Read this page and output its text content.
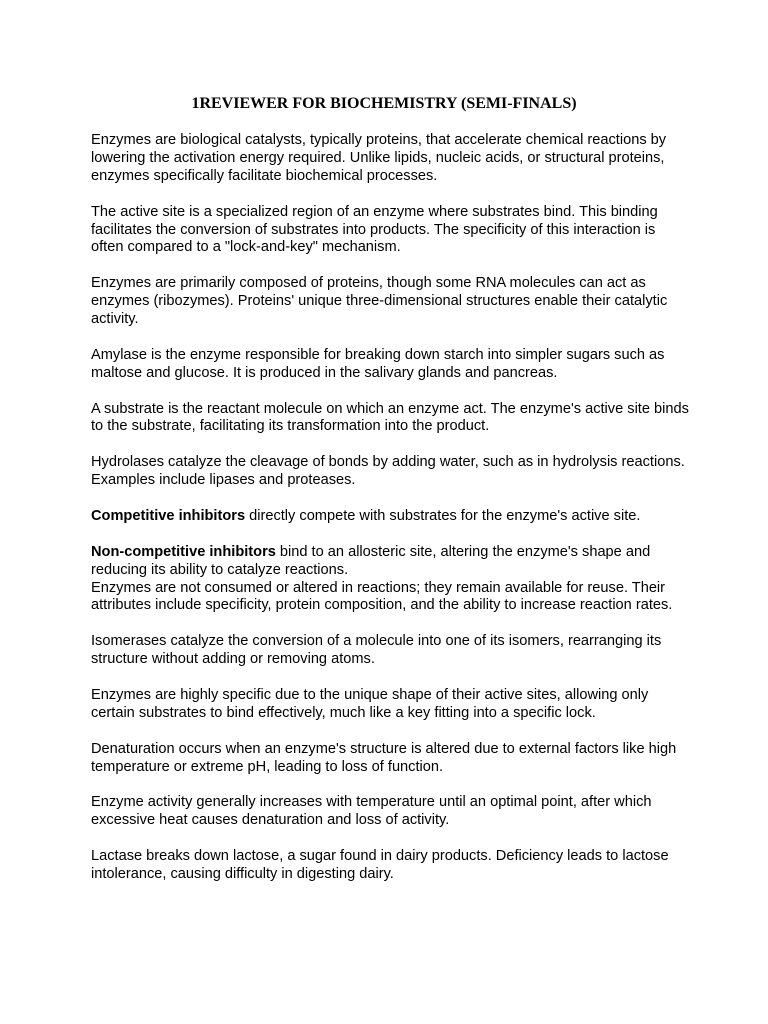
1REVIEWER FOR BIOCHEMISTRY (SEMI-FINALS)

Enzymes are biological catalysts, typically proteins, that accelerate chemical reactions by lowering the activation energy required. Unlike lipids, nucleic acids, or structural proteins, enzymes specifically facilitate biochemical processes.

The active site is a specialized region of an enzyme where substrates bind. This binding facilitates the conversion of substrates into products. The specificity of this interaction is often compared to a "lock-and-key" mechanism.

Enzymes are primarily composed of proteins, though some RNA molecules can act as enzymes (ribozymes). Proteins' unique three-dimensional structures enable their catalytic activity.

Amylase is the enzyme responsible for breaking down starch into simpler sugars such as maltose and glucose. It is produced in the salivary glands and pancreas.

A substrate is the reactant molecule on which an enzyme act. The enzyme's active site binds to the substrate, facilitating its transformation into the product.

Hydrolases catalyze the cleavage of bonds by adding water, such as in hydrolysis reactions. Examples include lipases and proteases.

Competitive inhibitors directly compete with substrates for the enzyme's active site.

Non-competitive inhibitors bind to an allosteric site, altering the enzyme's shape and reducing its ability to catalyze reactions.

Enzymes are not consumed or altered in reactions; they remain available for reuse. Their attributes include specificity, protein composition, and the ability to increase reaction rates.

Isomerases catalyze the conversion of a molecule into one of its isomers, rearranging its structure without adding or removing atoms.

Enzymes are highly specific due to the unique shape of their active sites, allowing only certain substrates to bind effectively, much like a key fitting into a specific lock.

Denaturation occurs when an enzyme's structure is altered due to external factors like high temperature or extreme pH, leading to loss of function.

Enzyme activity generally increases with temperature until an optimal point, after which excessive heat causes denaturation and loss of activity.

Lactase breaks down lactose, a sugar found in dairy products. Deficiency leads to lactose intolerance, causing difficulty in digesting dairy.
